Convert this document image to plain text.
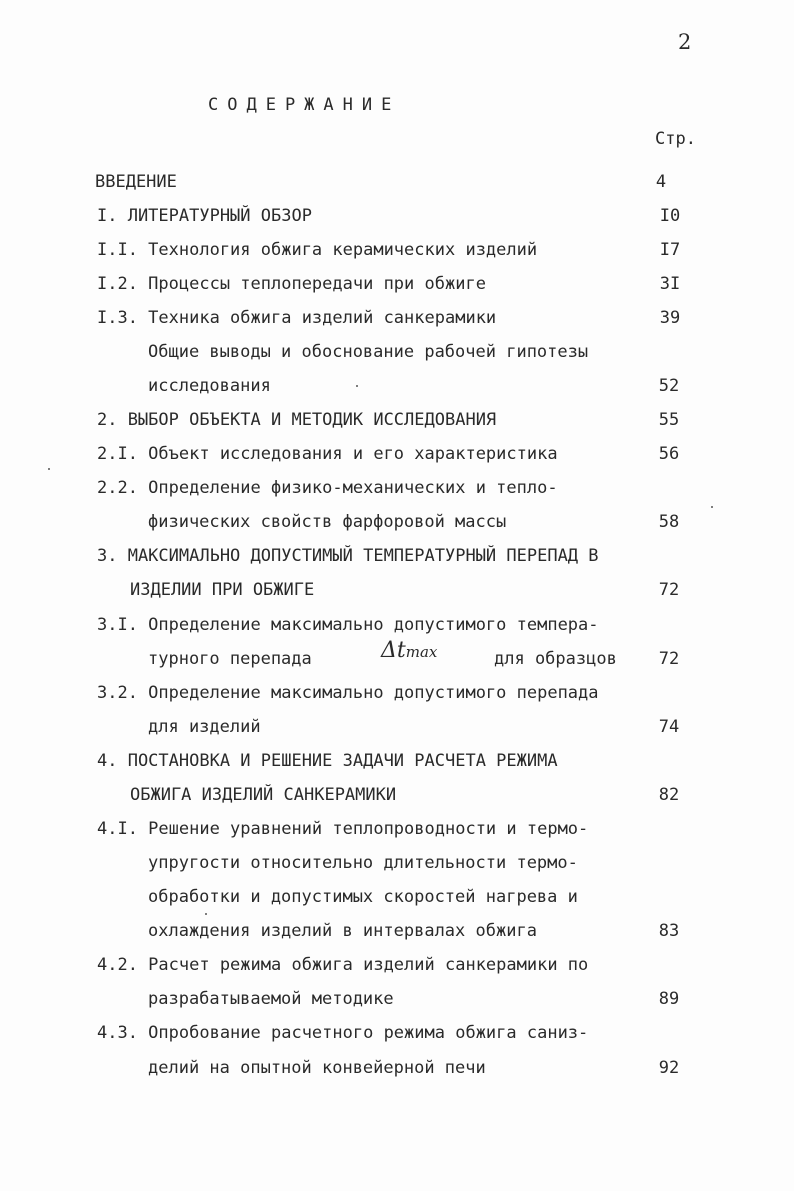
2
СОДЕРЖАНИЕ
Стр.
ВВЕДЕНИЕ	4
I. ЛИТЕРАТУРНЫЙ ОБЗОР	I0
I.I. Технология обжига керамических изделий	I7
I.2. Процессы теплопередачи при обжиге	3I
I.3. Техника обжига изделий санкерамики	39
Общие выводы и обоснование рабочей гипотезы
исследования	52
2. ВЫБОР ОБЪЕКТА И МЕТОДИК ИССЛЕДОВАНИЯ	55
2.I. Объект исследования и его характеристика	56
2.2. Определение физико-механических и тепло-
физических свойств фарфоровой массы	58
3. МАКСИМАЛЬНО ДОПУСТИМЫЙ ТЕМПЕРАТУРНЫЙ ПЕРЕПАД В
ИЗДЕЛИИ ПРИ ОБЖИГЕ	72
3.I. Определение максимально допустимого темпера-
турного перепада	Δtmax	для образцов	72
3.2. Определение максимально допустимого перепада
для изделий	74
4. ПОСТАНОВКА И РЕШЕНИЕ ЗАДАЧИ РАСЧЕТА РЕЖИМА
ОБЖИГА ИЗДЕЛИЙ САНКЕРАМИКИ	82
4.I. Решение уравнений теплопроводности и термо-
упругости относительно длительности термо-
обработки и допустимых скоростей нагрева и
охлаждения изделий в интервалах обжига	83
4.2. Расчет режима обжига изделий санкерамики по
разрабатываемой методике	89
4.3. Опробование расчетного режима обжига саниз-
делий на опытной конвейерной печи	92
